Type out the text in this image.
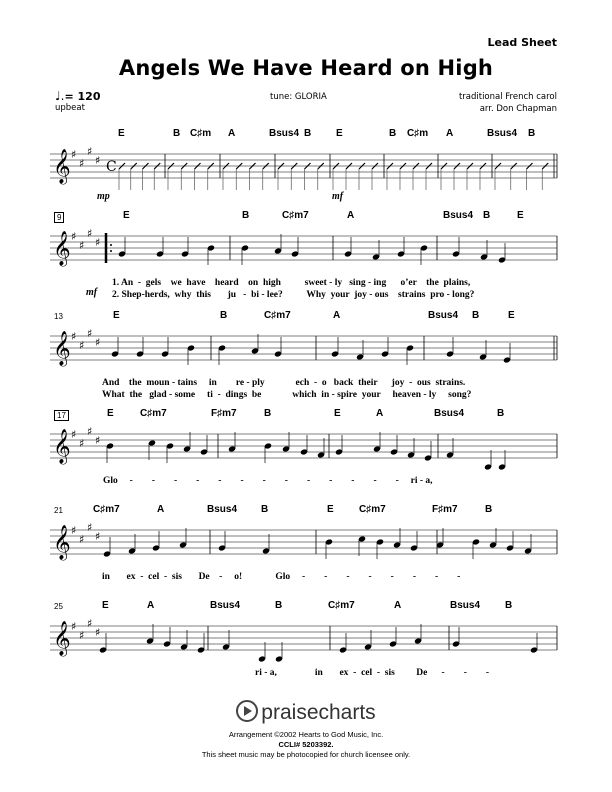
Lead Sheet
Angels We Have Heard on High
♩.= 120
upbeat
tune: GLORIA	traditional French carol
arr. Don Chapman
E	B C♯m A	Bsus4 B E	B C♯m A	Bsus4 B
mp	mf
E	B	C♯m7	A	Bsus4 B	E
9
mf
1. An  -  gels    we  have    heard    on  high          sweet - ly   sing - ing      o’er    the  plains,
2. Shep-herds,  why  this       ju   -  bi - lee?          Why  your  joy - ous    strains  pro - long?
E	B	C♯m7	A	Bsus4 B	E
13
And    the  moun - tains     in        re - ply             ech  -  o   back  their      joy  -  ous  strains.
What  the   glad - some     ti  -  dings  be             which  in - spire  your     heaven - ly     song?
E	C♯m7	F♯m7	B	E	A	Bsus4	B
17
Glo     -        -        -        -        -        -        -        -        -        -        -        -        -     ri - a,
C♯m7	A	Bsus4 B	E	C♯m7	F♯m7	B
21
in       ex  -  cel  -  sis       De    -     o!              Glo     -        -        -        -        -        -        -        -
E	A	Bsus4	B	C♯m7	A	Bsus4 B
25
ri - a,                in       ex  -  cel  -  sis         De      -        -        -
𝄞 ♯
♯
♯
♯ C
𝄞 ♯
♯
♯
♯
𝄞 ♯
♯
♯
♯
𝄞 ♯
♯
♯
♯
𝄞 ♯
♯
♯
♯
𝄞 ♯
♯
♯
♯
praisecharts
Arrangement ©2002 Hearts to God Music, Inc.
CCLI# 5203392.
This sheet music may be photocopied for church licensee only.
